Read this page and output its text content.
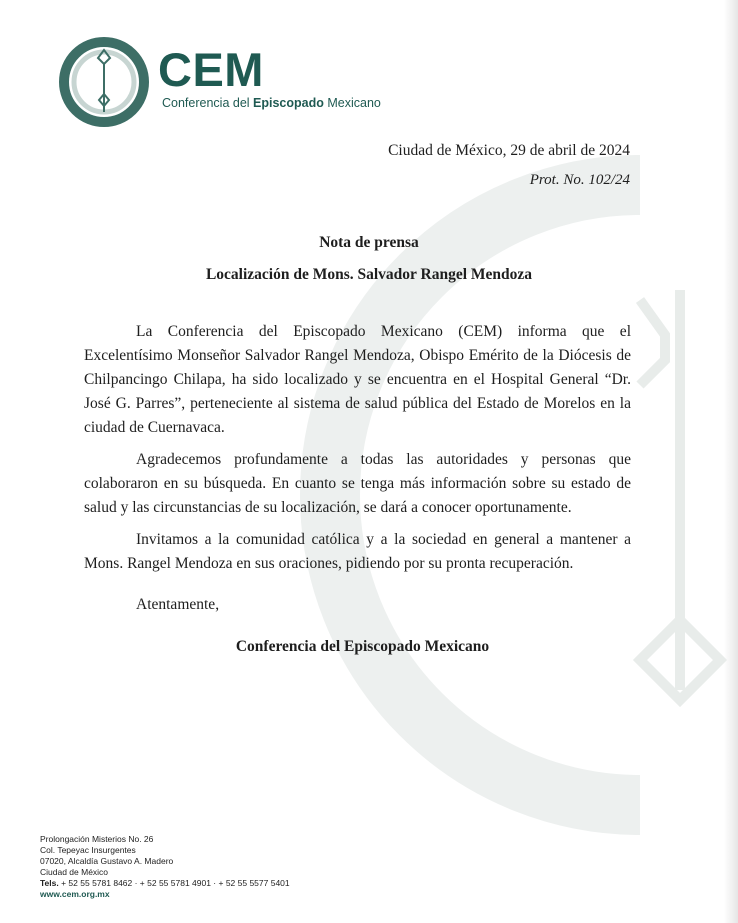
CEM
Conferencia del Episcopado Mexicano
Ciudad de México, 29 de abril de 2024
Prot. No. 102/24
Nota de prensa
Localización de Mons. Salvador Rangel Mendoza

La Conferencia del Episcopado Mexicano (CEM) informa que el Excelentísimo Monseñor Salvador Rangel Mendoza, Obispo Emérito de la Diócesis de Chilpancingo Chilapa, ha sido localizado y se encuentra en el Hospital General “Dr. José G. Parres”, perteneciente al sistema de salud pública del Estado de Morelos en la ciudad de Cuernavaca.

Agradecemos profundamente a todas las autoridades y personas que colaboraron en su búsqueda. En cuanto se tenga más información sobre su estado de salud y las circunstancias de su localización, se dará a conocer oportunamente.

Invitamos a la comunidad católica y a la sociedad en general a mantener a Mons. Rangel Mendoza en sus oraciones, pidiendo por su pronta recuperación.

Atentamente,
Conferencia del Episcopado Mexicano
Prolongación Misterios No. 26
Col. Tepeyac Insurgentes
07020, Alcaldía Gustavo A. Madero
Ciudad de México
Tels. + 52 55 5781 8462 · + 52 55 5781 4901 · + 52 55 5577 5401
www.cem.org.mx
